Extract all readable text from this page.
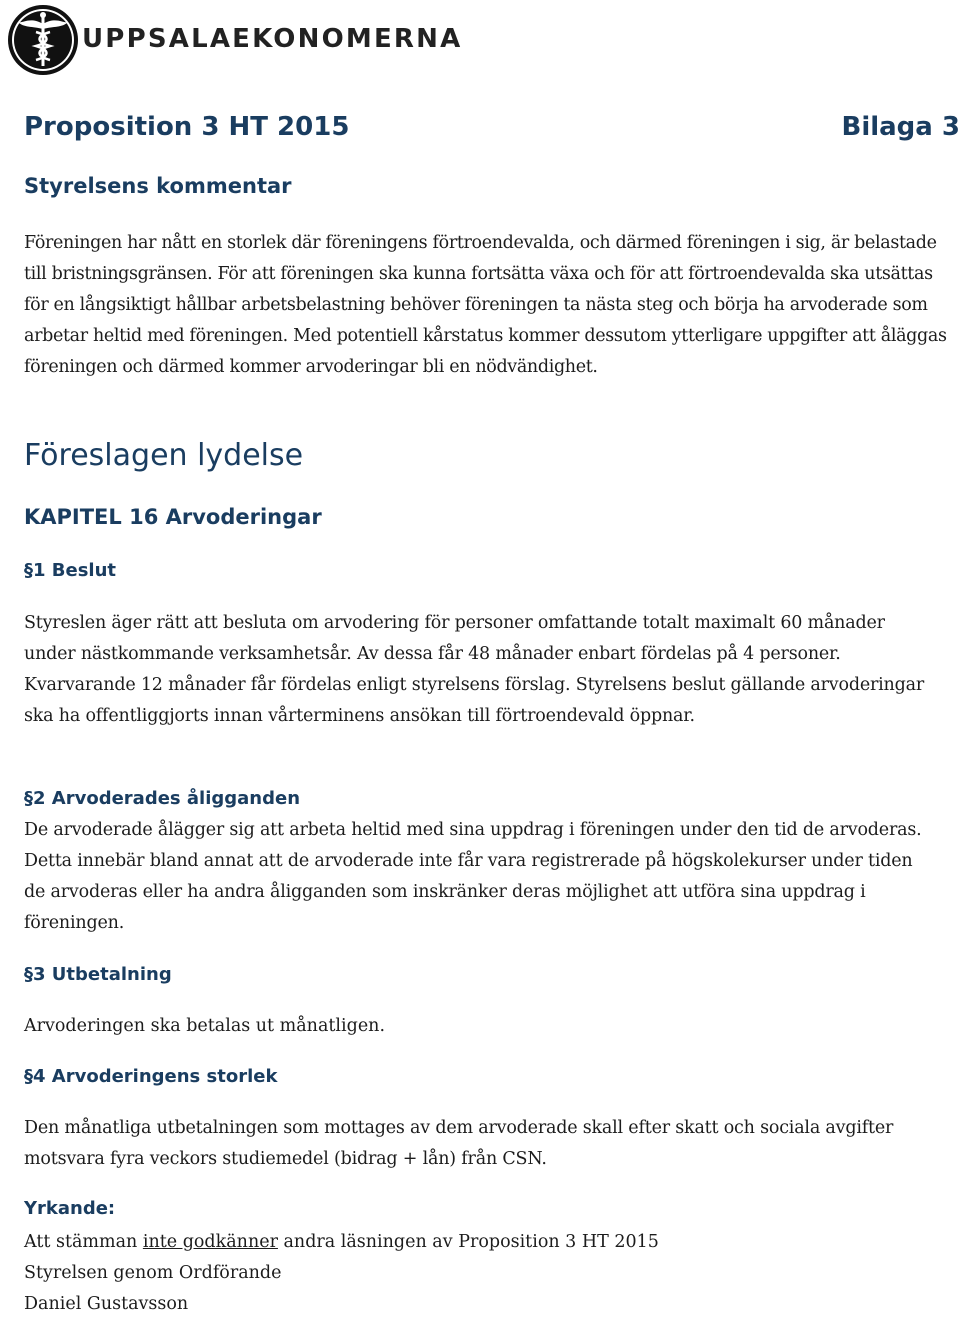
UPPSALAEKONOMERNA
Proposition 3 HT 2015	Bilaga 3
Styrelsens kommentar

Föreningen har nått en storlek där föreningens förtroendevalda, och därmed föreningen i sig, är belastade till bristningsgränsen. För att föreningen ska kunna fortsätta växa och för att förtroendevalda ska utsättas för en långsiktigt hållbar arbetsbelastning behöver föreningen ta nästa steg och börja ha arvoderade som arbetar heltid med föreningen. Med potentiell kårstatus kommer dessutom ytterligare uppgifter att åläggas föreningen och därmed kommer arvoderingar bli en nödvändighet.

Föreslagen lydelse
KAPITEL 16 Arvoderingar
§1 Beslut

Styreslen äger rätt att besluta om arvodering för personer omfattande totalt maximalt 60 månader under nästkommande verksamhetsår. Av dessa får 48 månader enbart fördelas på 4 personer. Kvarvarande 12 månader får fördelas enligt styrelsens förslag. Styrelsens beslut gällande arvoderingar ska ha offentliggjorts innan vårterminens ansökan till förtroendevald öppnar.

§2 Arvoderades åligganden

De arvoderade ålägger sig att arbeta heltid med sina uppdrag i föreningen under den tid de arvoderas. Detta innebär bland annat att de arvoderade inte får vara registrerade på högskolekurser under tiden de arvoderas eller ha andra åligganden som inskränker deras möjlighet att utföra sina uppdrag i föreningen.

§3 Utbetalning

Arvoderingen ska betalas ut månatligen.

§4 Arvoderingens storlek

Den månatliga utbetalningen som mottages av dem arvoderade skall efter skatt och sociala avgifter motsvara fyra veckors studiemedel (bidrag + lån) från CSN.

Yrkande:

Att stämman inte godkänner andra läsningen av Proposition 3 HT 2015

Styrelsen genom Ordförande

Daniel Gustavsson
